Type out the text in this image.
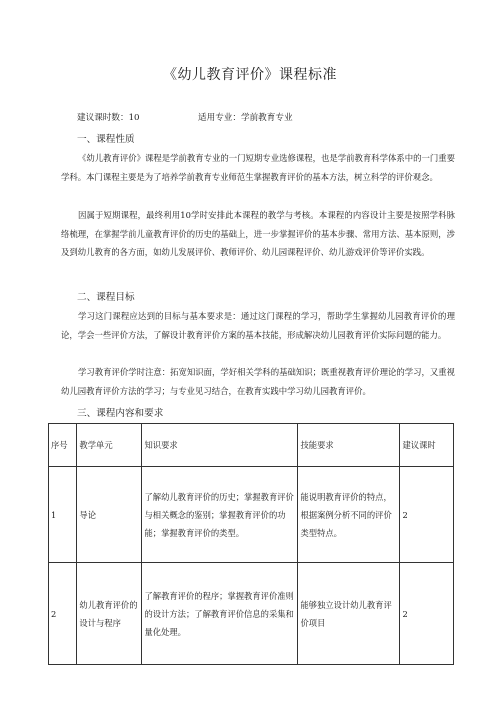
《幼儿教育评价》课程标准
建议课时数：10	适用专业：学前教育专业
一、课程性质

《幼儿教育评价》课程是学前教育专业的一门短期专业选修课程，也是学前教育科学体系中的一门重要学科。本门课程主要是为了培养学前教育专业师范生掌握教育评价的基本方法，树立科学的评价观念。

因属于短期课程，最终利用10学时安排此本课程的教学与考核。本课程的内容设计主要是按照学科脉络梳理，在掌握学前儿童教育评价的历史的基础上，进一步掌握评价的基本步骤、常用方法、基本原则，涉及到幼儿教育的各方面，如幼儿发展评价、教师评价、幼儿园课程评价、幼儿游戏评价等评价实践。

二、课程目标

学习这门课程应达到的目标与基本要求是：通过这门课程的学习，帮助学生掌握幼儿园教育评价的理论，学会一些评价方法，了解设计教育评价方案的基本技能，形成解决幼儿园教育评价实际问题的能力。

学习教育评价学时注意：拓宽知识面，学好相关学科的基础知识；既重视教育评价理论的学习，又重视幼儿园教育评价方法的学习；与专业见习结合，在教育实践中学习幼儿园教育评价。

三、课程内容和要求
序号	教学单元	知识要求	技能要求	建议课时
1	导论	了解幼儿教育评价的历史；掌握教育评价与相关概念的鉴别；掌握教育评价的功能；掌握教育评价的类型。	能说明教育评价的特点，根据案例分析不同的评价类型特点。	2
2	幼儿教育评价的设计与程序	了解教育评价的程序；掌握教育评价准则的设计方法；了解教育评价信息的采集和量化处理。	能够独立设计幼儿教育评价项目	2
